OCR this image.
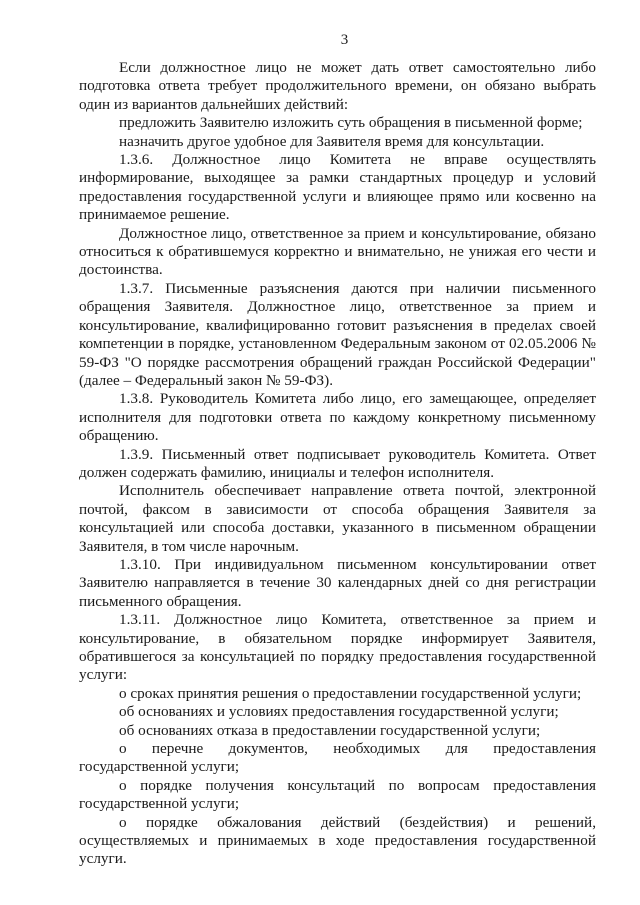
3

Если должностное лицо не может дать ответ самостоятельно либо подготовка ответа требует продолжительного времени, он обязано выбрать один из вариантов дальнейших действий:

предложить Заявителю изложить суть обращения в письменной форме;

назначить другое удобное для Заявителя время для консультации.

1.3.6. Должностное лицо Комитета не вправе осуществлять информирование, выходящее за рамки стандартных процедур и условий предоставления государственной услуги и влияющее прямо или косвенно на принимаемое решение.

Должностное лицо, ответственное за прием и консультирование, обязано относиться к обратившемуся корректно и внимательно, не унижая его чести и достоинства.

1.3.7. Письменные разъяснения даются при наличии письменного обращения Заявителя. Должностное лицо, ответственное за прием и консультирование, квалифицированно готовит разъяснения в пределах своей компетенции в порядке, установленном Федеральным законом от 02.05.2006 № 59-ФЗ "О порядке рассмотрения обращений граждан Российской Федерации" (далее – Федеральный закон № 59-ФЗ).

1.3.8. Руководитель Комитета либо лицо, его замещающее, определяет исполнителя для подготовки ответа по каждому конкретному письменному обращению.

1.3.9. Письменный ответ подписывает руководитель Комитета. Ответ должен содержать фамилию, инициалы и телефон исполнителя.

Исполнитель обеспечивает направление ответа почтой, электронной почтой, факсом в зависимости от способа обращения Заявителя за консультацией или способа доставки, указанного в письменном обращении Заявителя, в том числе нарочным.

1.3.10. При индивидуальном письменном консультировании ответ Заявителю направляется в течение 30 календарных дней со дня регистрации письменного обращения.

1.3.11. Должностное лицо Комитета, ответственное за прием и консультирование, в обязательном порядке информирует Заявителя, обратившегося за консультацией по порядку предоставления государственной услуги:

о сроках принятия решения о предоставлении государственной услуги;

об основаниях и условиях предоставления государственной услуги;

об основаниях отказа в предоставлении государственной услуги;

о перечне документов, необходимых для предоставления государственной услуги;

о порядке получения консультаций по вопросам предоставления государственной услуги;

о порядке обжалования действий (бездействия) и решений, осуществляемых и принимаемых в ходе предоставления государственной услуги.
